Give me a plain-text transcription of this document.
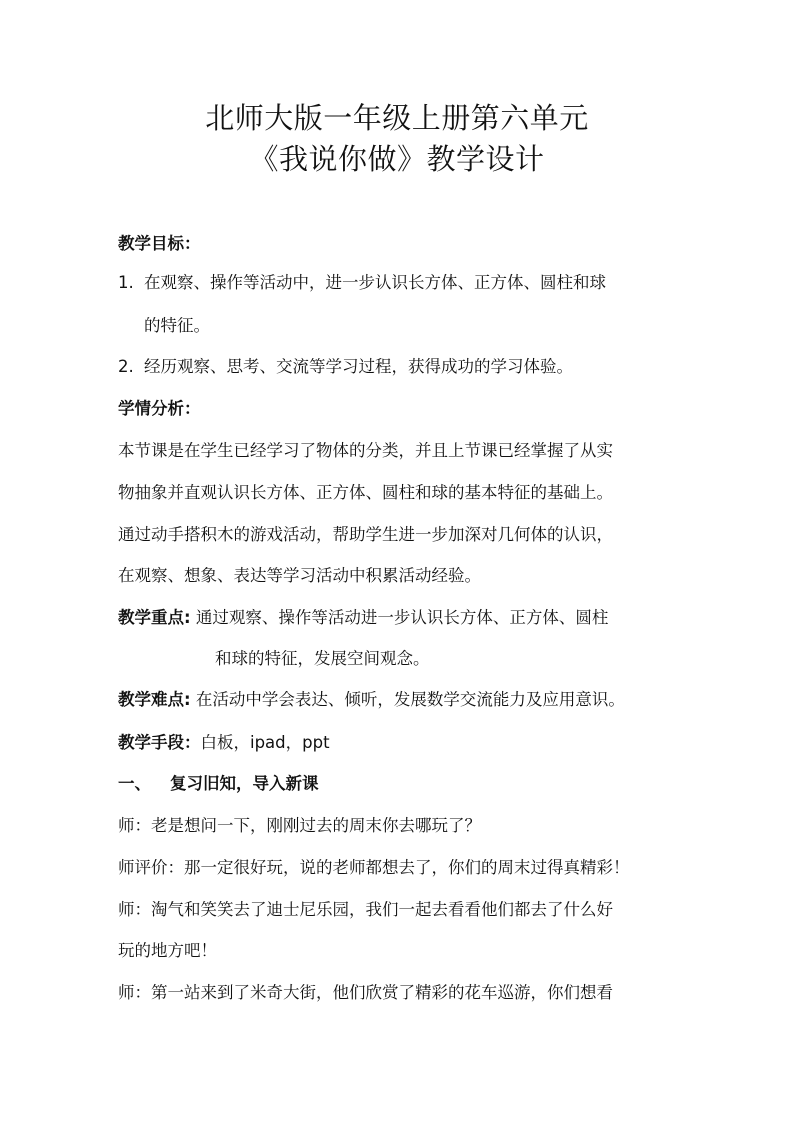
北师大版一年级上册第六单元
《我说你做》教学设计
教学目标：
1. 在观察、操作等活动中，进一步认识长方体、正方体、圆柱和球
的特征。
2. 经历观察、思考、交流等学习过程，获得成功的学习体验。
学情分析：
本节课是在学生已经学习了物体的分类，并且上节课已经掌握了从实
物抽象并直观认识长方体、正方体、圆柱和球的基本特征的基础上。
通过动手搭积木的游戏活动，帮助学生进一步加深对几何体的认识，
在观察、想象、表达等学习活动中积累活动经验。
教学重点: 通过观察、操作等活动进一步认识长方体、正方体、圆柱
和球的特征，发展空间观念。
教学难点: 在活动中学会表达、倾听，发展数学交流能力及应用意识。
教学手段：白板，ipad，ppt
一、 复习旧知，导入新课
师：老是想问一下，刚刚过去的周末你去哪玩了？
师评价：那一定很好玩，说的老师都想去了，你们的周末过得真精彩！
师：淘气和笑笑去了迪士尼乐园，我们一起去看看他们都去了什么好
玩的地方吧！
师：第一站来到了米奇大街，他们欣赏了精彩的花车巡游，你们想看
